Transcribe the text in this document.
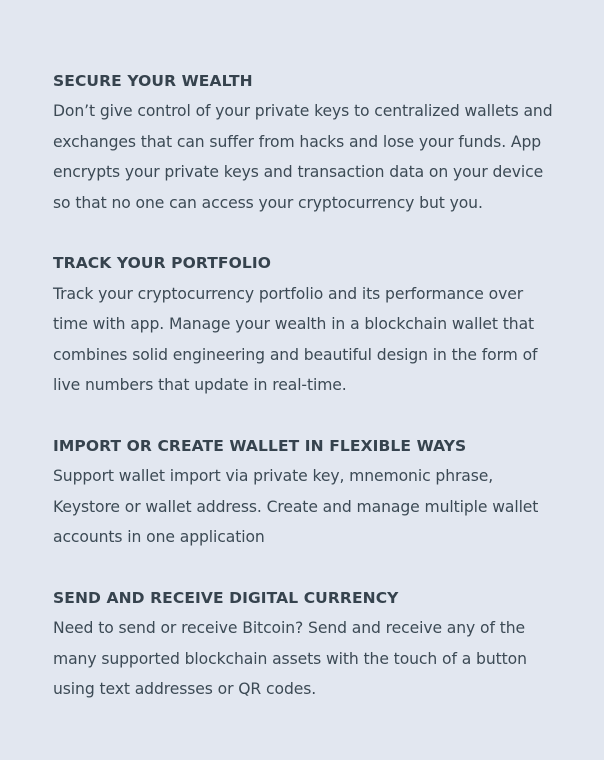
SECURE YOUR WEALTH
Don’t give control of your private keys to centralized wallets and
exchanges that can suffer from hacks and lose your funds. App
encrypts your private keys and transaction data on your device
so that no one can access your cryptocurrency but you.
TRACK YOUR PORTFOLIO
Track your cryptocurrency portfolio and its performance over
time with app. Manage your wealth in a blockchain wallet that
combines solid engineering and beautiful design in the form of
live numbers that update in real-time.
IMPORT OR CREATE WALLET IN FLEXIBLE WAYS
Support wallet import via private key, mnemonic phrase,
Keystore or wallet address. Create and manage multiple wallet
accounts in one application
SEND AND RECEIVE DIGITAL CURRENCY
Need to send or receive Bitcoin? Send and receive any of the
many supported blockchain assets with the touch of a button
using text addresses or QR codes.
